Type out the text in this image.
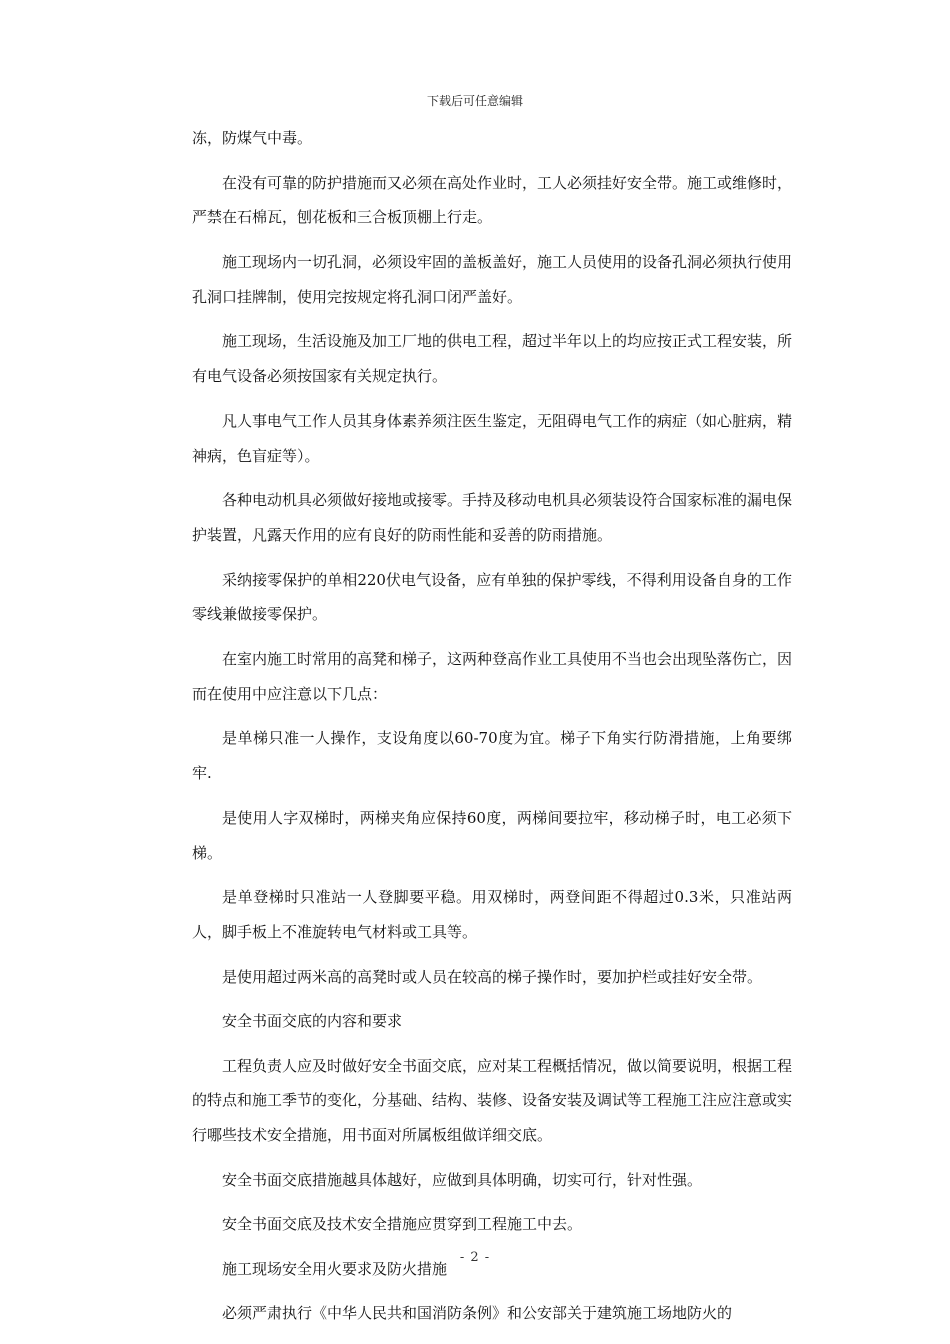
下载后可任意编辑

冻，防煤气中毒。

在没有可靠的防护措施而又必须在高处作业时，工人必须挂好安全带。施工或维修时，严禁在石棉瓦，刨花板和三合板顶棚上行走。

施工现场内一切孔洞，必须设牢固的盖板盖好，施工人员使用的设备孔洞必须执行使用孔洞口挂牌制，使用完按规定将孔洞口闭严盖好。

施工现场，生活设施及加工厂地的供电工程，超过半年以上的均应按正式工程安装，所有电气设备必须按国家有关规定执行。

凡人事电气工作人员其身体素养须注医生鉴定，无阻碍电气工作的病症（如心脏病，精神病，色盲症等）。

各种电动机具必须做好接地或接零。手持及移动电机具必须装设符合国家标准的漏电保护装置，凡露天作用的应有良好的防雨性能和妥善的防雨措施。

采纳接零保护的单相220伏电气设备，应有单独的保护零线，不得利用设备自身的工作零线兼做接零保护。

在室内施工时常用的高凳和梯子，这两种登高作业工具使用不当也会出现坠落伤亡，因而在使用中应注意以下几点：

是单梯只准一人操作，支设角度以60-70度为宜。梯子下角实行防滑措施，上角要绑牢.

是使用人字双梯时，两梯夹角应保持60度，两梯间要拉牢，移动梯子时，电工必须下梯。

是单登梯时只准站一人登脚要平稳。用双梯时，两登间距不得超过0.3米，只准站两人，脚手板上不准旋转电气材料或工具等。

是使用超过两米高的高凳时或人员在较高的梯子操作时，要加护栏或挂好安全带。

安全书面交底的内容和要求

工程负责人应及时做好安全书面交底，应对某工程概括情况，做以简要说明，根据工程的特点和施工季节的变化，分基础、结构、装修、设备安装及调试等工程施工注应注意或实行哪些技术安全措施，用书面对所属板组做详细交底。

安全书面交底措施越具体越好，应做到具体明确，切实可行，针对性强。

安全书面交底及技术安全措施应贯穿到工程施工中去。

施工现场安全用火要求及防火措施

必须严肃执行《中华人民共和国消防条例》和公安部关于建筑施工场地防火的

- 2 -
